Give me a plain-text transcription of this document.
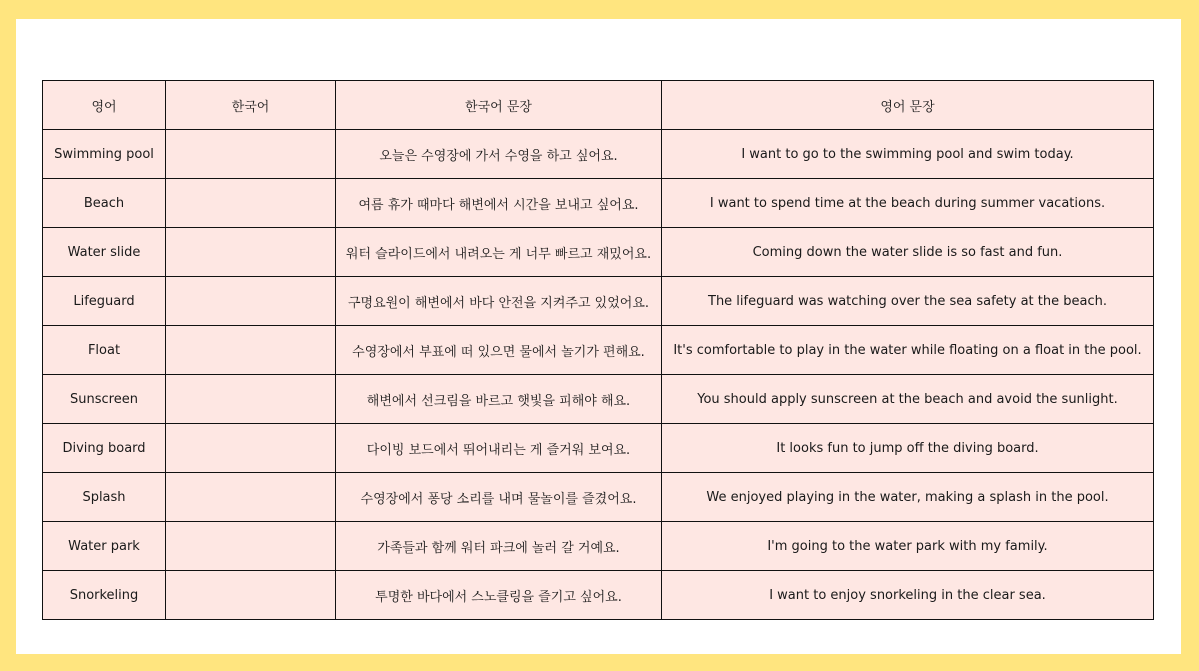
영어	한국어	한국어 문장	영어 문장
Swimming pool		오늘은 수영장에 가서 수영을 하고 싶어요.	I want to go to the swimming pool and swim today.
Beach		여름 휴가 때마다 해변에서 시간을 보내고 싶어요.	I want to spend time at the beach during summer vacations.
Water slide		워터 슬라이드에서 내려오는 게 너무 빠르고 재밌어요.	Coming down the water slide is so fast and fun.
Lifeguard		구명요원이 해변에서 바다 안전을 지켜주고 있었어요.	The lifeguard was watching over the sea safety at the beach.
Float		수영장에서 부표에 떠 있으면 물에서 놀기가 편해요.	It's comfortable to play in the water while floating on a float in the pool.
Sunscreen		해변에서 선크림을 바르고 햇빛을 피해야 해요.	You should apply sunscreen at the beach and avoid the sunlight.
Diving board		다이빙 보드에서 뛰어내리는 게 즐거워 보여요.	It looks fun to jump off the diving board.
Splash		수영장에서 퐁당 소리를 내며 물놀이를 즐겼어요.	We enjoyed playing in the water, making a splash in the pool.
Water park		가족들과 함께 워터 파크에 놀러 갈 거예요.	I'm going to the water park with my family.
Snorkeling		투명한 바다에서 스노클링을 즐기고 싶어요.	I want to enjoy snorkeling in the clear sea.
